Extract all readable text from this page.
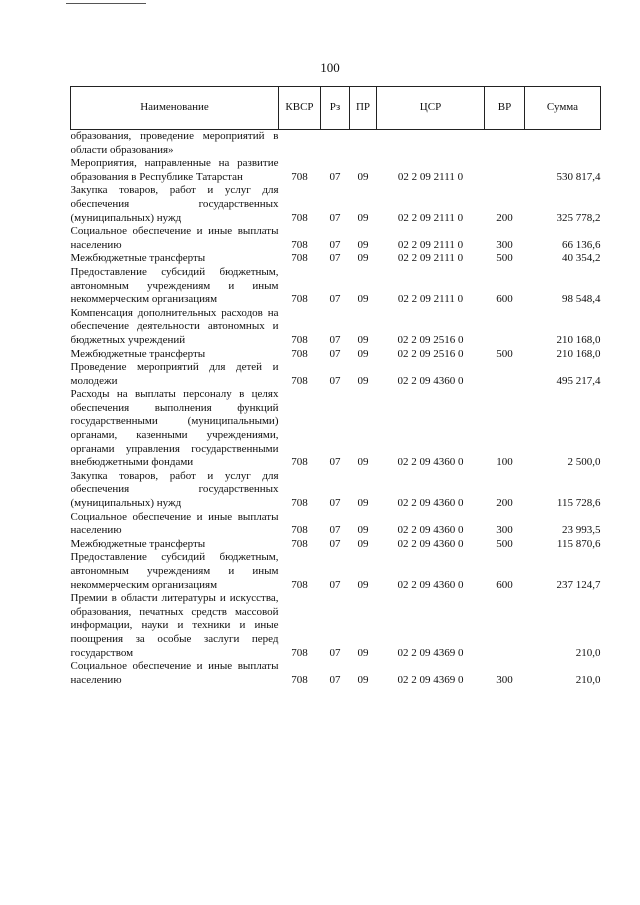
100
Наименование	КВСР	Рз	ПР	ЦСР	ВР	Сумма
образования, проведение мероприятий в области образования»						
Мероприятия, направленные на развитие образования в Республике Татарстан	708	07	09	02 2 09 2111 0		530 817,4
Закупка товаров, работ и услуг для обеспечения государственных (муниципальных) нужд	708	07	09	02 2 09 2111 0	200	325 778,2
Социальное обеспечение и иные выплаты населению	708	07	09	02 2 09 2111 0	300	66 136,6
Межбюджетные трансферты	708	07	09	02 2 09 2111 0	500	40 354,2
Предоставление субсидий бюджетным, автономным учреждениям и иным некоммерческим организациям	708	07	09	02 2 09 2111 0	600	98 548,4
Компенсация дополнительных расходов на обеспечение деятельности автономных и бюджетных учреждений	708	07	09	02 2 09 2516 0		210 168,0
Межбюджетные трансферты	708	07	09	02 2 09 2516 0	500	210 168,0
Проведение мероприятий для детей и молодежи	708	07	09	02 2 09 4360 0		495 217,4
Расходы на выплаты персоналу в целях обеспечения выполнения функций государственными (муниципальными) органами, казенными учреждениями, органами управления государственными внебюджетными фондами	708	07	09	02 2 09 4360 0	100	2 500,0
Закупка товаров, работ и услуг для обеспечения государственных (муниципальных) нужд	708	07	09	02 2 09 4360 0	200	115 728,6
Социальное обеспечение и иные выплаты населению	708	07	09	02 2 09 4360 0	300	23 993,5
Межбюджетные трансферты	708	07	09	02 2 09 4360 0	500	115 870,6
Предоставление субсидий бюджетным, автономным учреждениям и иным некоммерческим организациям	708	07	09	02 2 09 4360 0	600	237 124,7
Премии в области литературы и искусства, образования, печатных средств массовой информации, науки и техники и иные поощрения за особые заслуги перед государством	708	07	09	02 2 09 4369 0		210,0
Социальное обеспечение и иные выплаты населению	708	07	09	02 2 09 4369 0	300	210,0
